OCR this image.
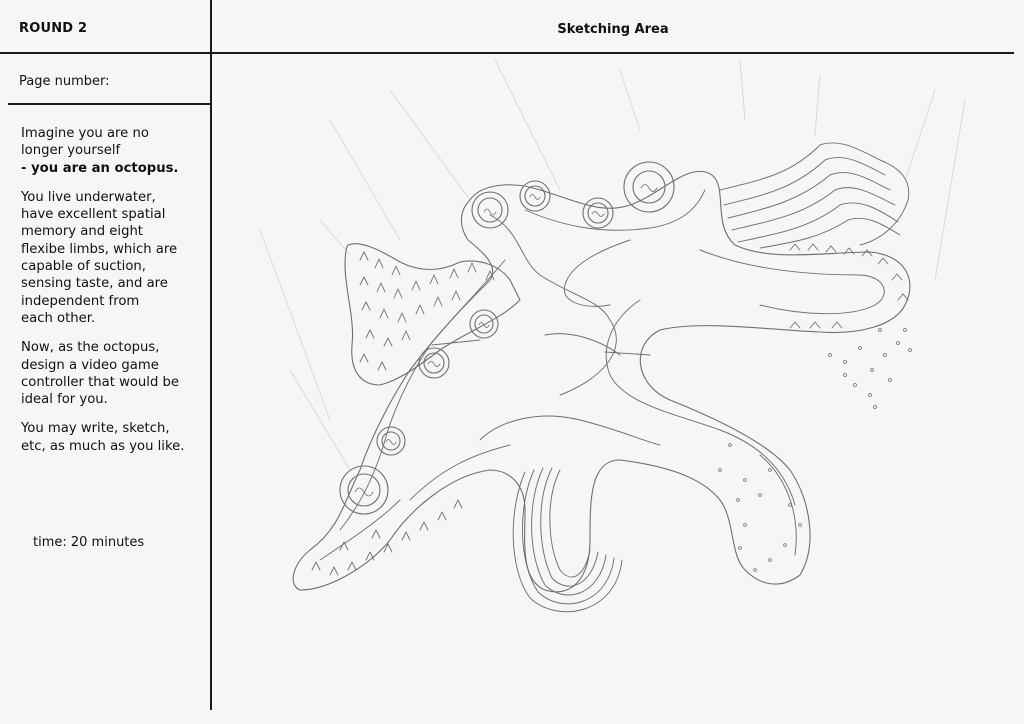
ROUND 2	Sketching Area
Page number:

Imagine you are no
longer yourself
- you are an octopus.

You live underwater,
have excellent spatial
memory and eight
flexibe limbs, which are
capable of suction,
sensing taste, and are
independent from
each other.

Now, as the octopus,
design a video game
controller that would be
ideal for you.

You may write, sketch,
etc, as much as you like.

time: 20 minutes
